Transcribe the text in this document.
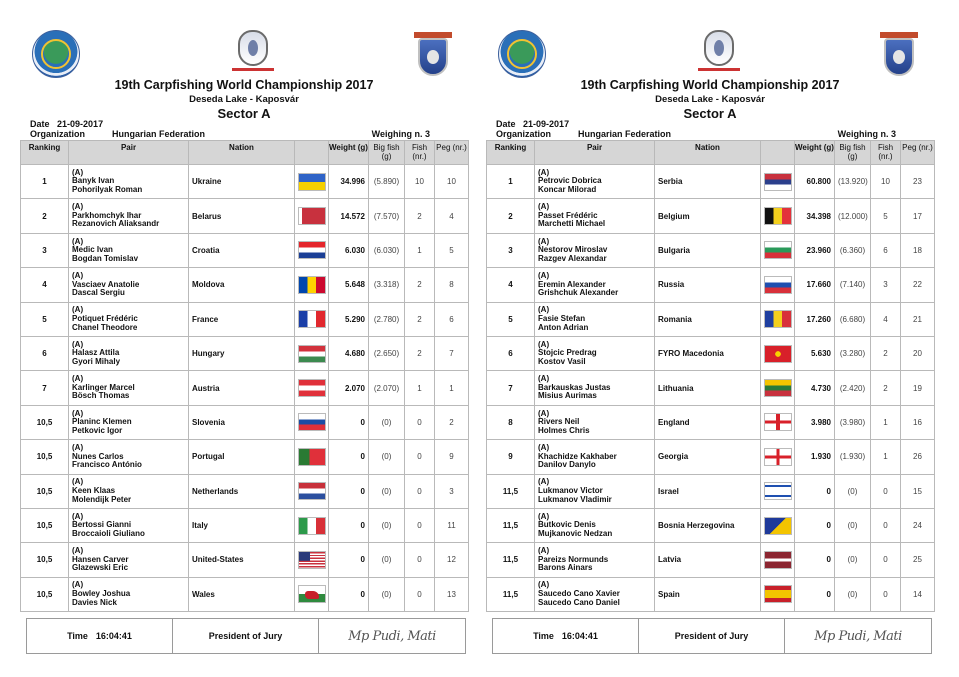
19th Carpfishing World Championship 2017
Deseda Lake - Kaposvár
Sector A
Date 21-09-2017
Organization	Hungarian Federation	Weighing n. 3
Ranking	Pair	Nation		Weight (g)	Big fish (g)	Fish (nr.)	Peg (nr.)
1	(A)
Banyk Ivan
Pohorilyak Roman	Ukraine		34.996	(5.890)	10	10
2	(A)
Parkhomchyk Ihar
Rezanovich Aliaksandr	Belarus		14.572	(7.570)	2	4
3	(A)
Medic Ivan
Bogdan Tomislav	Croatia		6.030	(6.030)	1	5
4	(A)
Vasciaev Anatolie
Dascal Sergiu	Moldova		5.648	(3.318)	2	8
5	(A)
Potiquet Frédéric
Chanel Theodore	France		5.290	(2.780)	2	6
6	(A)
Halasz Attila
Gyori Mihaly	Hungary		4.680	(2.650)	2	7
7	(A)
Karlinger Marcel
Bösch Thomas	Austria		2.070	(2.070)	1	1
10,5	(A)
Planinc Klemen
Petkovic Igor	Slovenia		0	(0)	0	2
10,5	(A)
Nunes Carlos
Francisco António	Portugal		0	(0)	0	9
10,5	(A)
Keen Klaas
Molendijk Peter	Netherlands		0	(0)	0	3
10,5	(A)
Bertossi Gianni
Broccaioli Giuliano	Italy		0	(0)	0	11
10,5	(A)
Hansen Carver
Glazewski Eric	United-States		0	(0)	0	12
10,5	(A)
Bowley Joshua
Davies Nick	Wales		0	(0)	0	13
Time 16:04:41	President of Jury	Mp Pudi, Mati
19th Carpfishing World Championship 2017
Deseda Lake - Kaposvár
Sector A
Date 21-09-2017
Organization	Hungarian Federation	Weighing n. 3
Ranking	Pair	Nation		Weight (g)	Big fish (g)	Fish (nr.)	Peg (nr.)
1	(A)
Petrovic Dobrica
Koncar Milorad	Serbia		60.800	(13.920)	10	23
2	(A)
Passet Frédéric
Marchetti Michael	Belgium		34.398	(12.000)	5	17
3	(A)
Nestorov Miroslav
Razgev Alexandar	Bulgaria		23.960	(6.360)	6	18
4	(A)
Eremin Alexander
Grishchuk Alexander	Russia		17.660	(7.140)	3	22
5	(A)
Fasie Stefan
Anton Adrian	Romania		17.260	(6.680)	4	21
6	(A)
Stojcic Predrag
Kostov Vasil	FYRO Macedonia		5.630	(3.280)	2	20
7	(A)
Barkauskas Justas
Misius Aurimas	Lithuania		4.730	(2.420)	2	19
8	(A)
Rivers Neil
Holmes Chris	England		3.980	(3.980)	1	16
9	(A)
Khachidze Kakhaber
Danilov Danylo	Georgia		1.930	(1.930)	1	26
11,5	(A)
Lukmanov Victor
Lukmanov Vladimir	Israel		0	(0)	0	15
11,5	(A)
Butkovic Denis
Mujkanovic Nedzan	Bosnia Herzegovina		0	(0)	0	24
11,5	(A)
Pareizs Normunds
Barons Ainars	Latvia		0	(0)	0	25
11,5	(A)
Saucedo Cano Xavier
Saucedo Cano Daniel	Spain		0	(0)	0	14
Time 16:04:41	President of Jury	Mp Pudi, Mati
